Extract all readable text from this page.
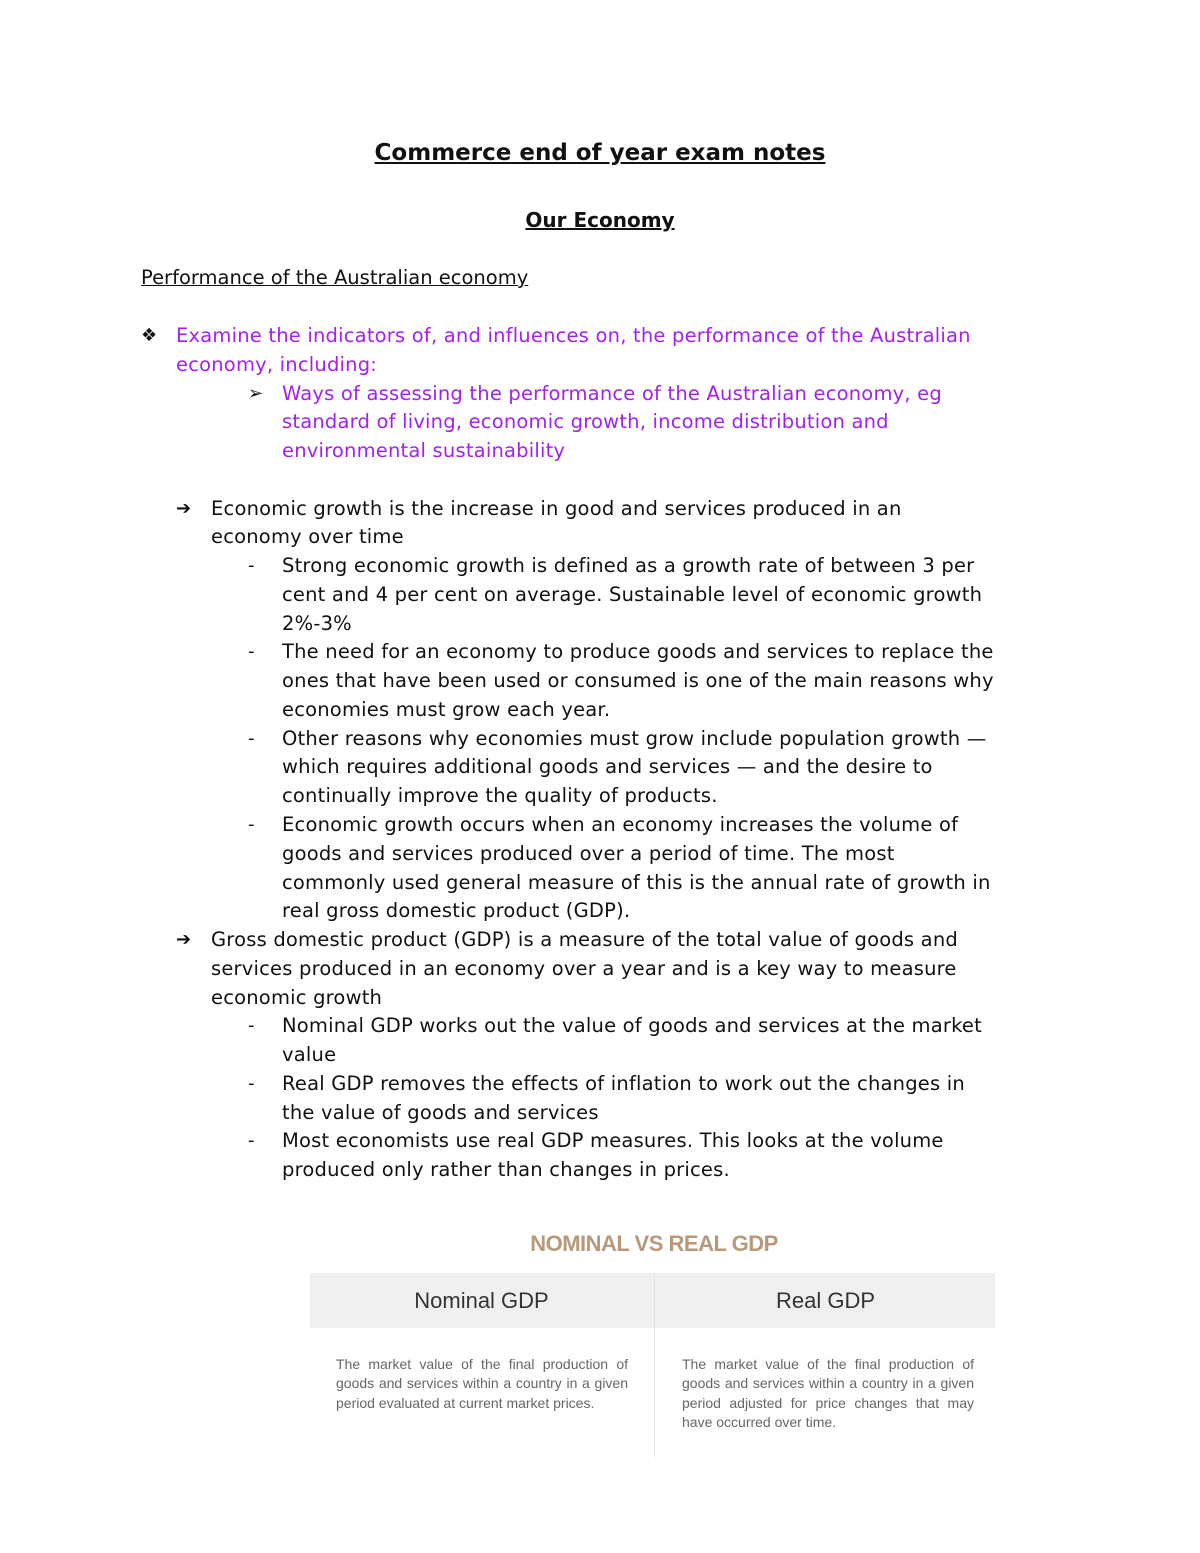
Commerce end of year exam notes
Our Economy
Performance of the Australian economy
❖ Examine the indicators of, and influences on, the performance of the Australian
economy, including:
➢ Ways of assessing the performance of the Australian economy, eg
standard of living, economic growth, income distribution and
environmental sustainability
➔ Economic growth is the increase in good and services produced in an
economy over time
- Strong economic growth is defined as a growth rate of between 3 per
cent and 4 per cent on average. Sustainable level of economic growth
2%-3%
- The need for an economy to produce goods and services to replace the
ones that have been used or consumed is one of the main reasons why
economies must grow each year.
- Other reasons why economies must grow include population growth —
which requires additional goods and services — and the desire to
continually improve the quality of products.
- Economic growth occurs when an economy increases the volume of
goods and services produced over a period of time. The most
commonly used general measure of this is the annual rate of growth in
real gross domestic product (GDP).
➔ Gross domestic product (GDP) is a measure of the total value of goods and
services produced in an economy over a year and is a key way to measure
economic growth
- Nominal GDP works out the value of goods and services at the market
value
- Real GDP removes the effects of inflation to work out the changes in
the value of goods and services
- Most economists use real GDP measures. This looks at the volume
produced only rather than changes in prices.
NOMINAL VS REAL GDP
Nominal GDP	Real GDP
The market value of the final production of goods and services within a country in a given period evaluated at current market prices.
The market value of the final production of goods and services within a country in a given period adjusted for price changes that may have occurred over time.
